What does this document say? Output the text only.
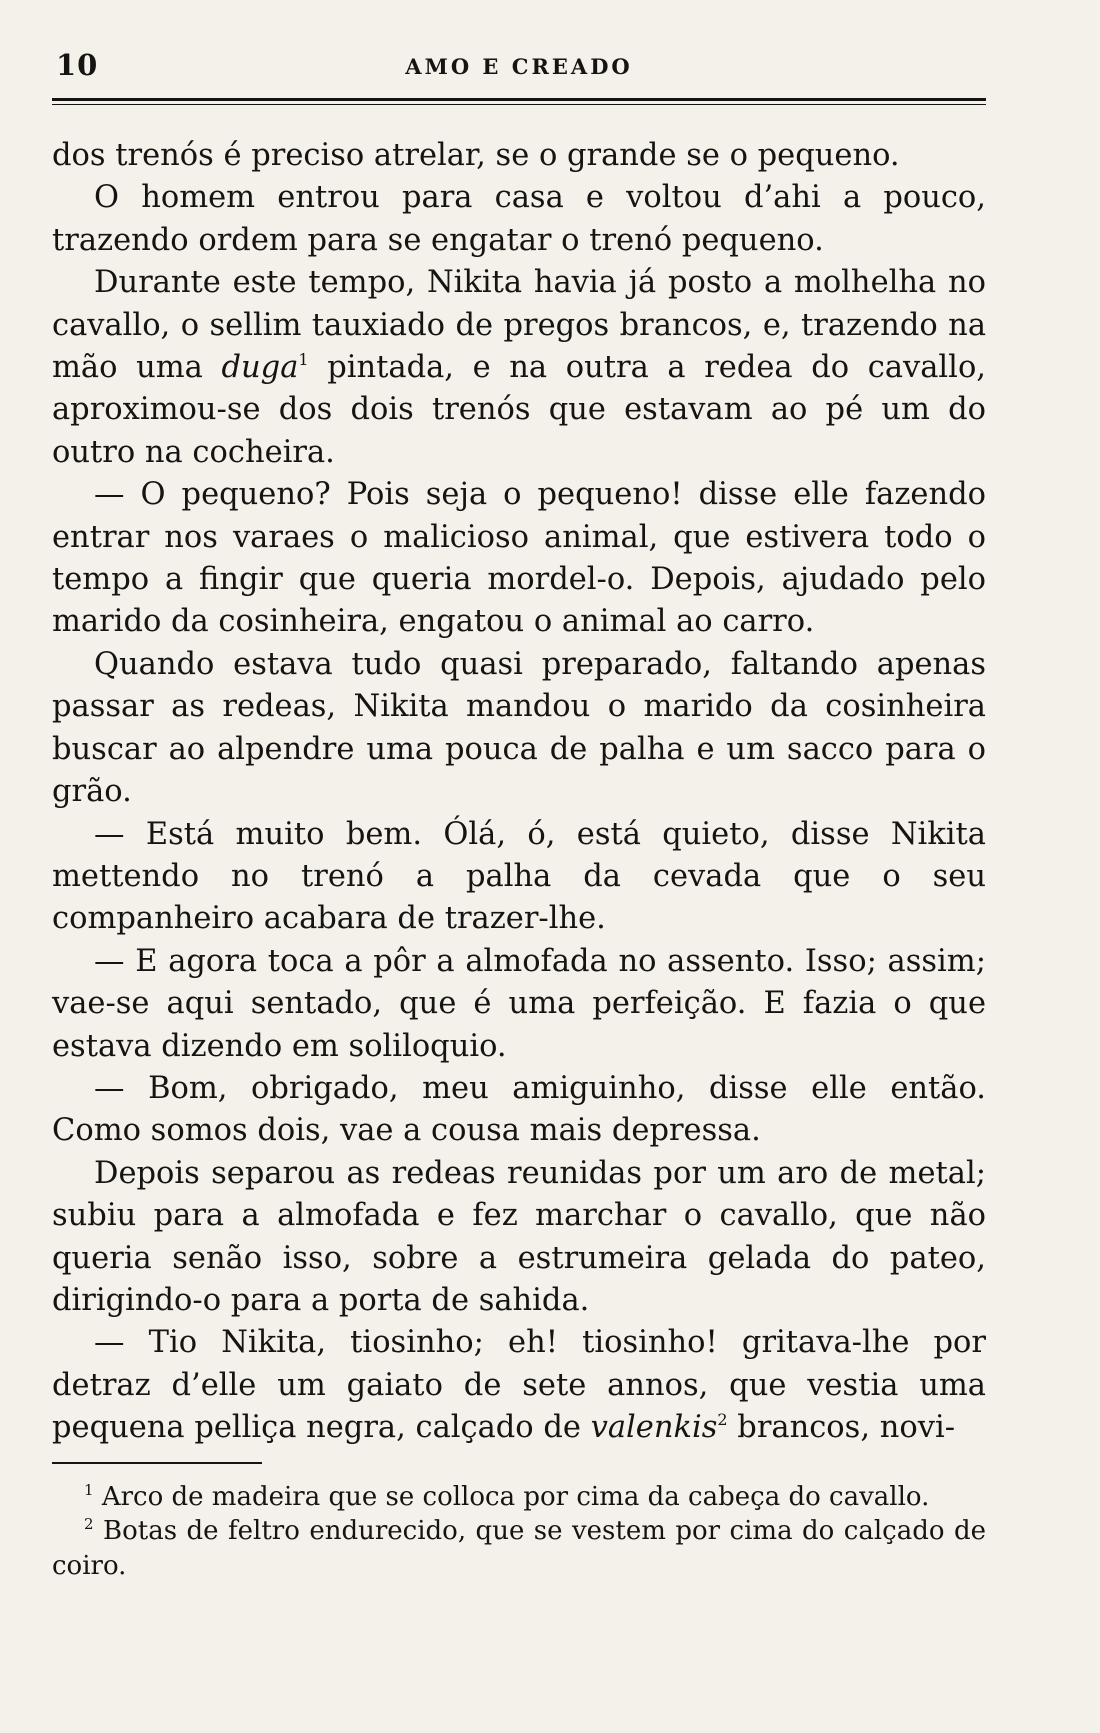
10	AMO E CREADO

dos trenós é preciso atrelar, se o grande se o pequeno.

O homem entrou para casa e voltou d’ahi a pouco, trazendo ordem para se engatar o trenó pequeno.

Durante este tempo, Nikita havia já posto a molhelha no cavallo, o sellim tauxiado de pregos brancos, e, trazendo na mão uma duga$^1$ pintada, e na outra a redea do cavallo, aproximou-se dos dois trenós que estavam ao pé um do outro na cocheira.

— O pequeno? Pois seja o pequeno! disse elle fazendo entrar nos varaes o malicioso animal, que estivera todo o tempo a fingir que queria mordel-o. Depois, ajudado pelo marido da cosinheira, engatou o animal ao carro.

Quando estava tudo quasi preparado, faltando apenas passar as redeas, Nikita mandou o marido da cosinheira buscar ao alpendre uma pouca de palha e um sacco para o grão.

— Está muito bem. Ólá, ó, está quieto, disse Nikita mettendo no trenó a palha da cevada que o seu companheiro acabara de trazer-lhe.

— E agora toca a pôr a almofada no assento. Isso; assim; vae-se aqui sentado, que é uma perfeição. E fazia o que estava dizendo em soliloquio.

— Bom, obrigado, meu amiguinho, disse elle então. Como somos dois, vae a cousa mais depressa.

Depois separou as redeas reunidas por um aro de metal; subiu para a almofada e fez marchar o cavallo, que não queria senão isso, sobre a estrumeira gelada do pateo, dirigindo-o para a porta de sahida.

— Tio Nikita, tiosinho; eh! tiosinho! gritava-lhe por detraz d’elle um gaiato de sete annos, que vestia uma pequena pelliça negra, calçado de valenkis$^2$ brancos, novi-

$^1$ Arco de madeira que se colloca por cima da cabeça do cavallo.

$^2$ Botas de feltro endurecido, que se vestem por cima do calçado de coiro.
